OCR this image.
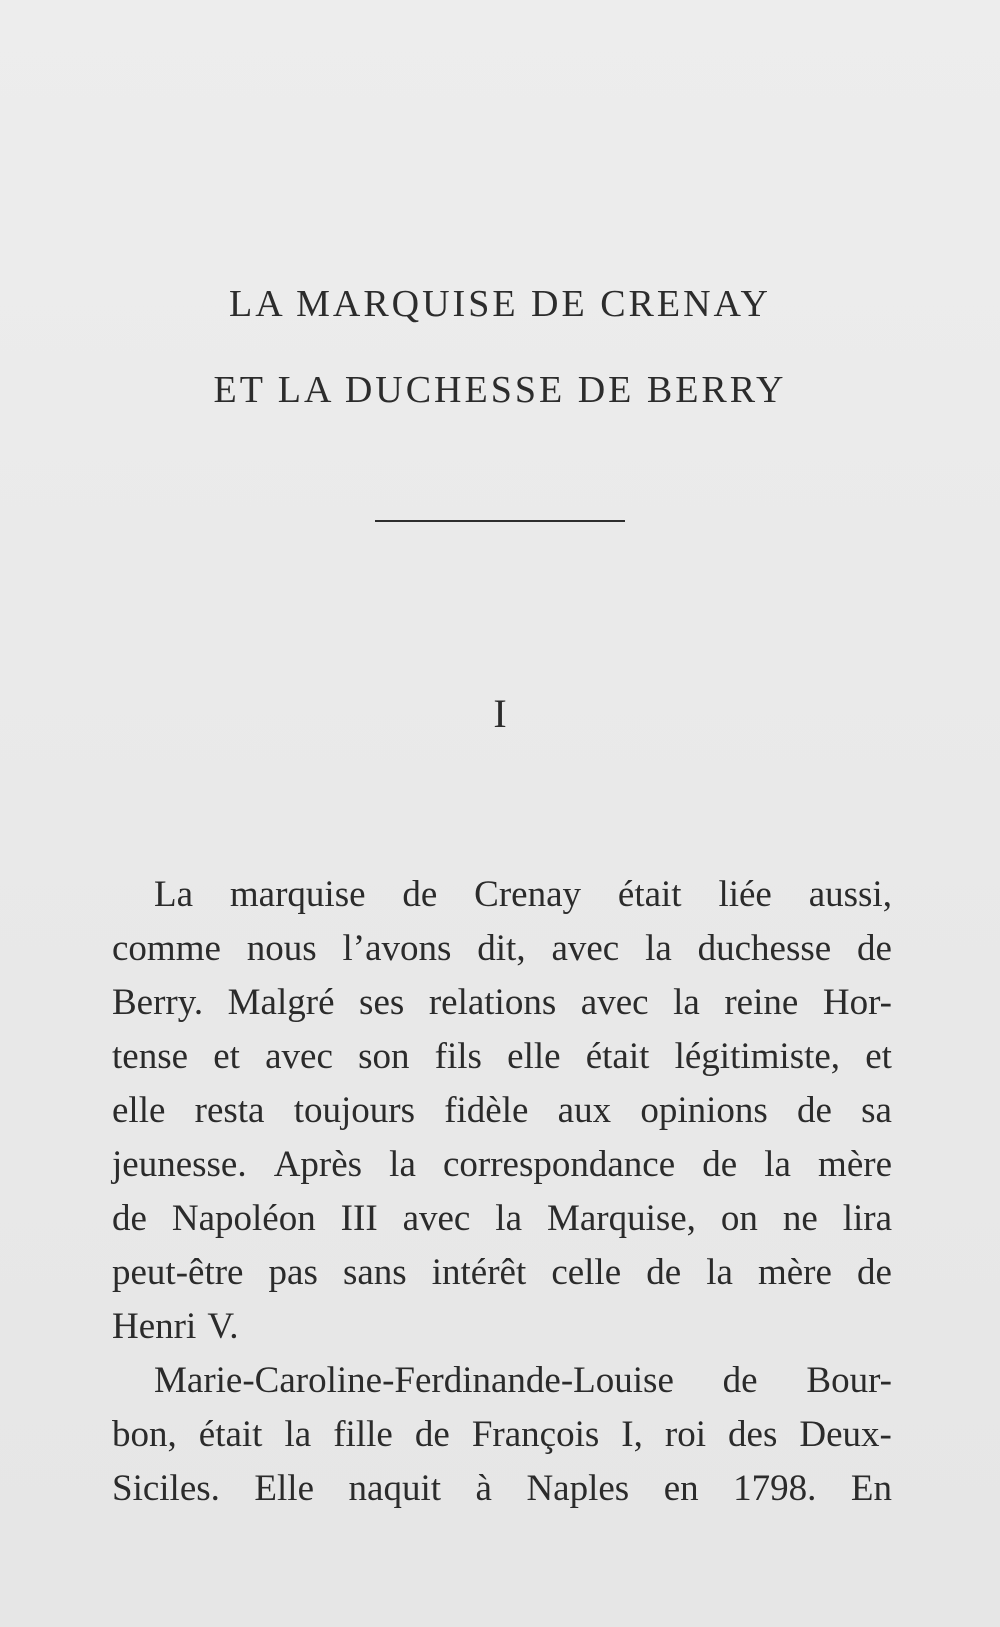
LA MARQUISE DE CRENAY
ET LA DUCHESSE DE BERRY
I
La marquise de Crenay était liée aussi,
comme nous l’avons dit, avec la duchesse de
Berry. Malgré ses relations avec la reine Hor-
tense et avec son fils elle était légitimiste, et
elle resta toujours fidèle aux opinions de sa
jeunesse. Après la correspondance de la mère
de Napoléon III avec la Marquise, on ne lira
peut-être pas sans intérêt celle de la mère de
Henri V.
Marie-Caroline-Ferdinande-Louise de Bour-
bon, était la fille de François I, roi des Deux-
Siciles. Elle naquit à Naples en 1798. En
